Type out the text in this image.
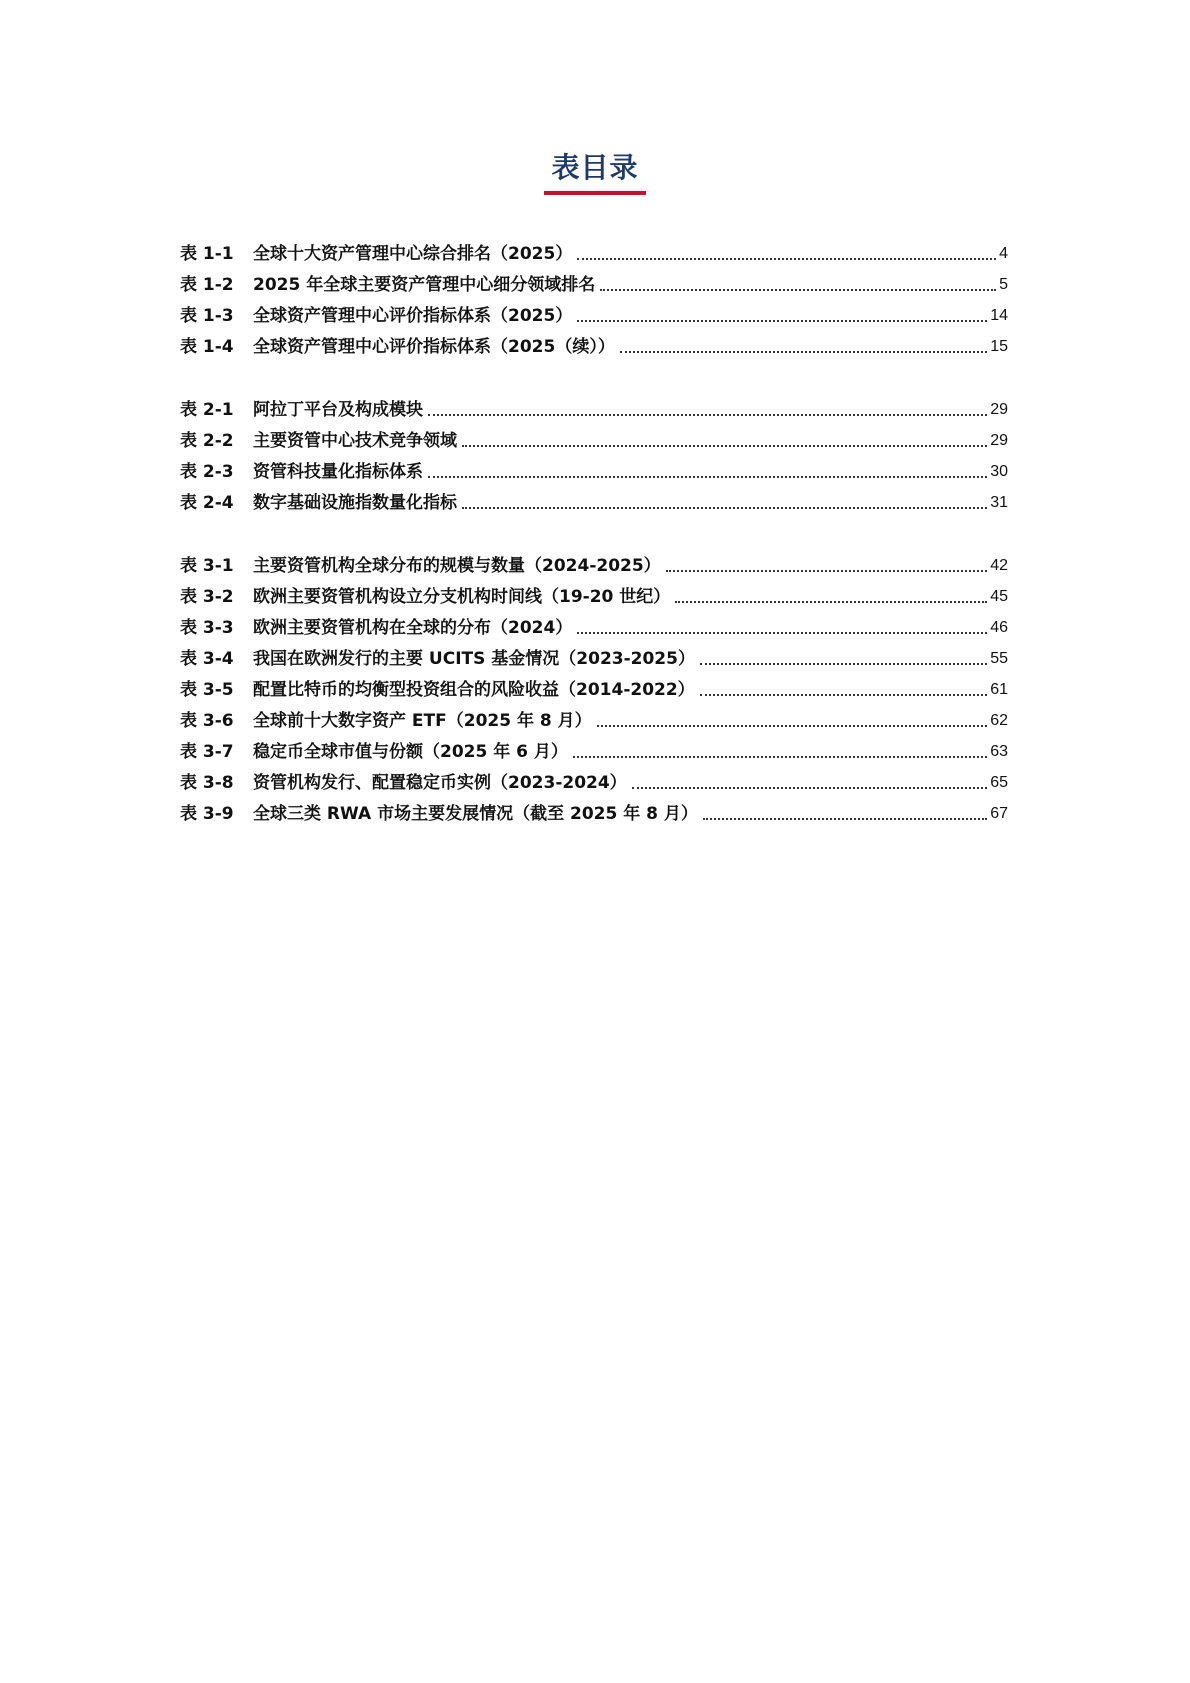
表目录
表 1-1	全球十大资产管理中心综合排名（2025）	4
表 1-2	2025 年全球主要资产管理中心细分领域排名	5
表 1-3	全球资产管理中心评价指标体系（2025）	14
表 1-4	全球资产管理中心评价指标体系（2025（续））	15
表 2-1	阿拉丁平台及构成模块	29
表 2-2	主要资管中心技术竞争领域	29
表 2-3	资管科技量化指标体系	30
表 2-4	数字基础设施指数量化指标	31
表 3-1	主要资管机构全球分布的规模与数量（2024-2025）	42
表 3-2	欧洲主要资管机构设立分支机构时间线（19-20 世纪）	45
表 3-3	欧洲主要资管机构在全球的分布（2024）	46
表 3-4	我国在欧洲发行的主要 UCITS 基金情况（2023-2025）	55
表 3-5	配置比特币的均衡型投资组合的风险收益（2014-2022）	61
表 3-6	全球前十大数字资产 ETF（2025 年 8 月）	62
表 3-7	稳定币全球市值与份额（2025 年 6 月）	63
表 3-8	资管机构发行、配置稳定币实例（2023-2024）	65
表 3-9	全球三类 RWA 市场主要发展情况（截至 2025 年 8 月）	67
